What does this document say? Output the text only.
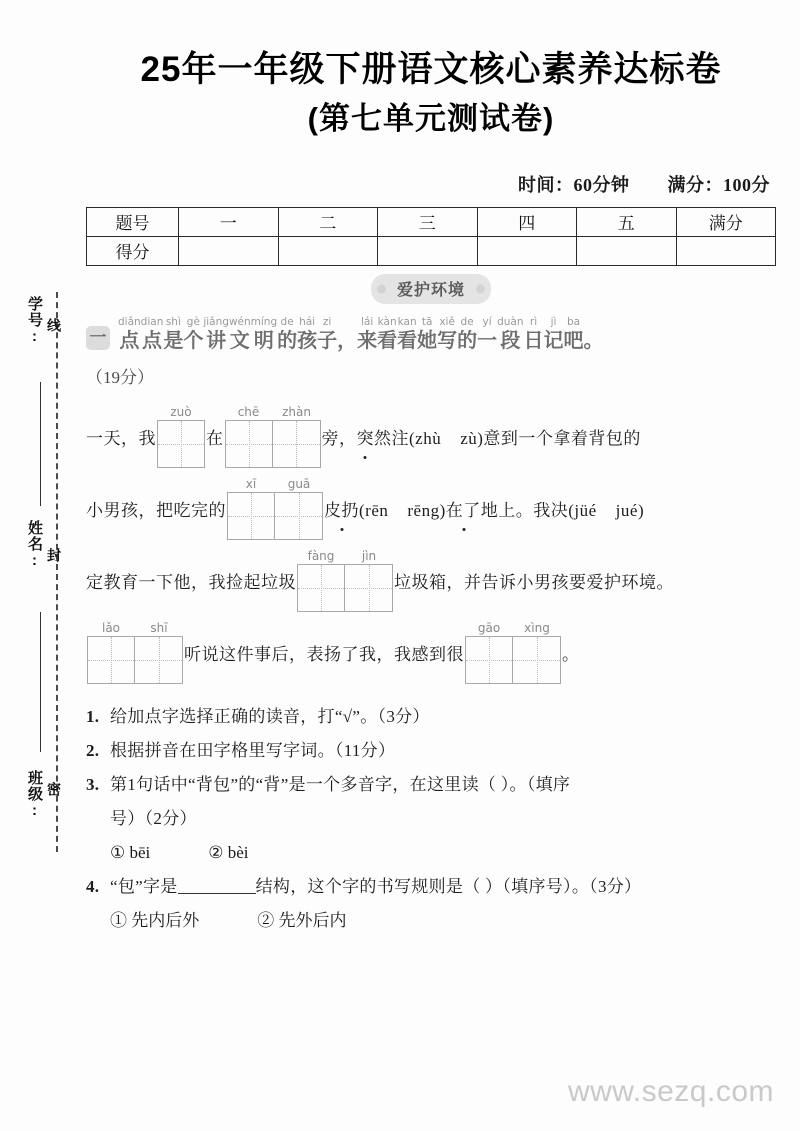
学号:
姓名:
班级:
线
封
密
25年一年级下册语文核心素养达标卷
(第七单元测试卷)
时间：60分钟 满分：100分
题号	一	二	三	四	五	满分
得分						
爱护环境
一
diǎn
点
dian
点
shì
是
gè
个
jiǎng
讲
wén
文
míng
明
de
的
hái
孩
zi
子 ，
lái
来
kàn
看
kan
看
tā
她
xiě
写
de
的
yí
一
duàn
段
rì
日
jì
记
ba
吧 。
（19分）
一天，我
zuò
在
chē	zhàn
旁，突然注 (zhù    zù)意到一个拿着背包的
小男孩，把吃完的
xī	guā
皮扔 (rēn    rēng)在了地上。我决 (jüé    jué)
定教育一下他，我捡起垃圾
fàng	jìn
垃圾箱，并告诉小男孩要爱护环境。
lǎo	shī
听说这件事后，表扬了我，我感到很
gāo	xìng
。
1. 给加点字选择正确的读音，打“√”。（3分）
2. 根据拼音在田字格里写字词。（11分）
3. 第1句话中“背包”的“背”是一个多音字，在这里读（ ）。（填序
号）（2分）
① bēi	② bèi
4. “包”字是	结构，这个字的书写规则是（ ）（填序号）。（3分）
① 先内后外	② 先外后内
www.sezq.com
